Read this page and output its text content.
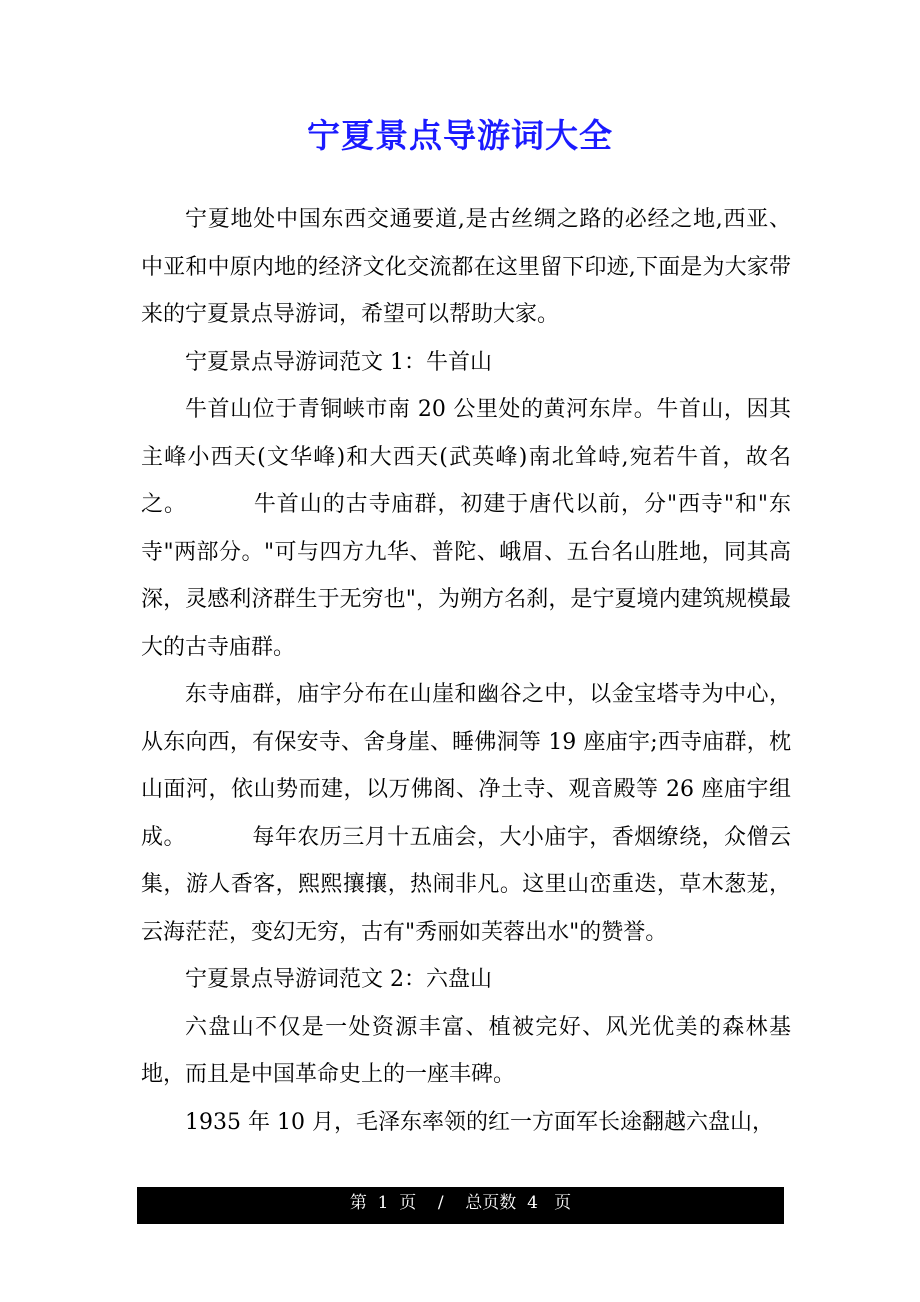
宁夏景点导游词大全

宁夏地处中国东西交通要道,是古丝绸之路的必经之地,西亚、中亚和中原内地的经济文化交流都在这里留下印迹,下面是为大家带来的宁夏景点导游词，希望可以帮助大家。

宁夏景点导游词范文 1：牛首山

牛首山位于青铜峡市南 20 公里处的黄河东岸。牛首山，因其主峰小西天(文华峰)和大西天(武英峰)南北耸峙,宛若牛首，故名之。	牛首山的古寺庙群，初建于唐代以前，分"西寺"和"东寺"两部分。"可与四方九华、普陀、峨眉、五台名山胜地，同其高深，灵感利济群生于无穷也"，为朔方名刹，是宁夏境内建筑规模最大的古寺庙群。

东寺庙群，庙宇分布在山崖和幽谷之中，以金宝塔寺为中心，从东向西，有保安寺、舍身崖、睡佛洞等 19 座庙宇;西寺庙群，枕山面河，依山势而建，以万佛阁、净土寺、观音殿等 26 座庙宇组成。	每年农历三月十五庙会，大小庙宇，香烟缭绕，众僧云集，游人香客，熙熙攘攘，热闹非凡。这里山峦重迭，草木葱茏，云海茫茫，变幻无穷，古有"秀丽如芙蓉出水"的赞誉。

宁夏景点导游词范文 2：六盘山

六盘山不仅是一处资源丰富、植被完好、风光优美的森林基地，而且是中国革命史上的一座丰碑。

1935 年 10 月，毛泽东率领的红一方面军长途翻越六盘山，

第  1  页    /    总页数  4   页
